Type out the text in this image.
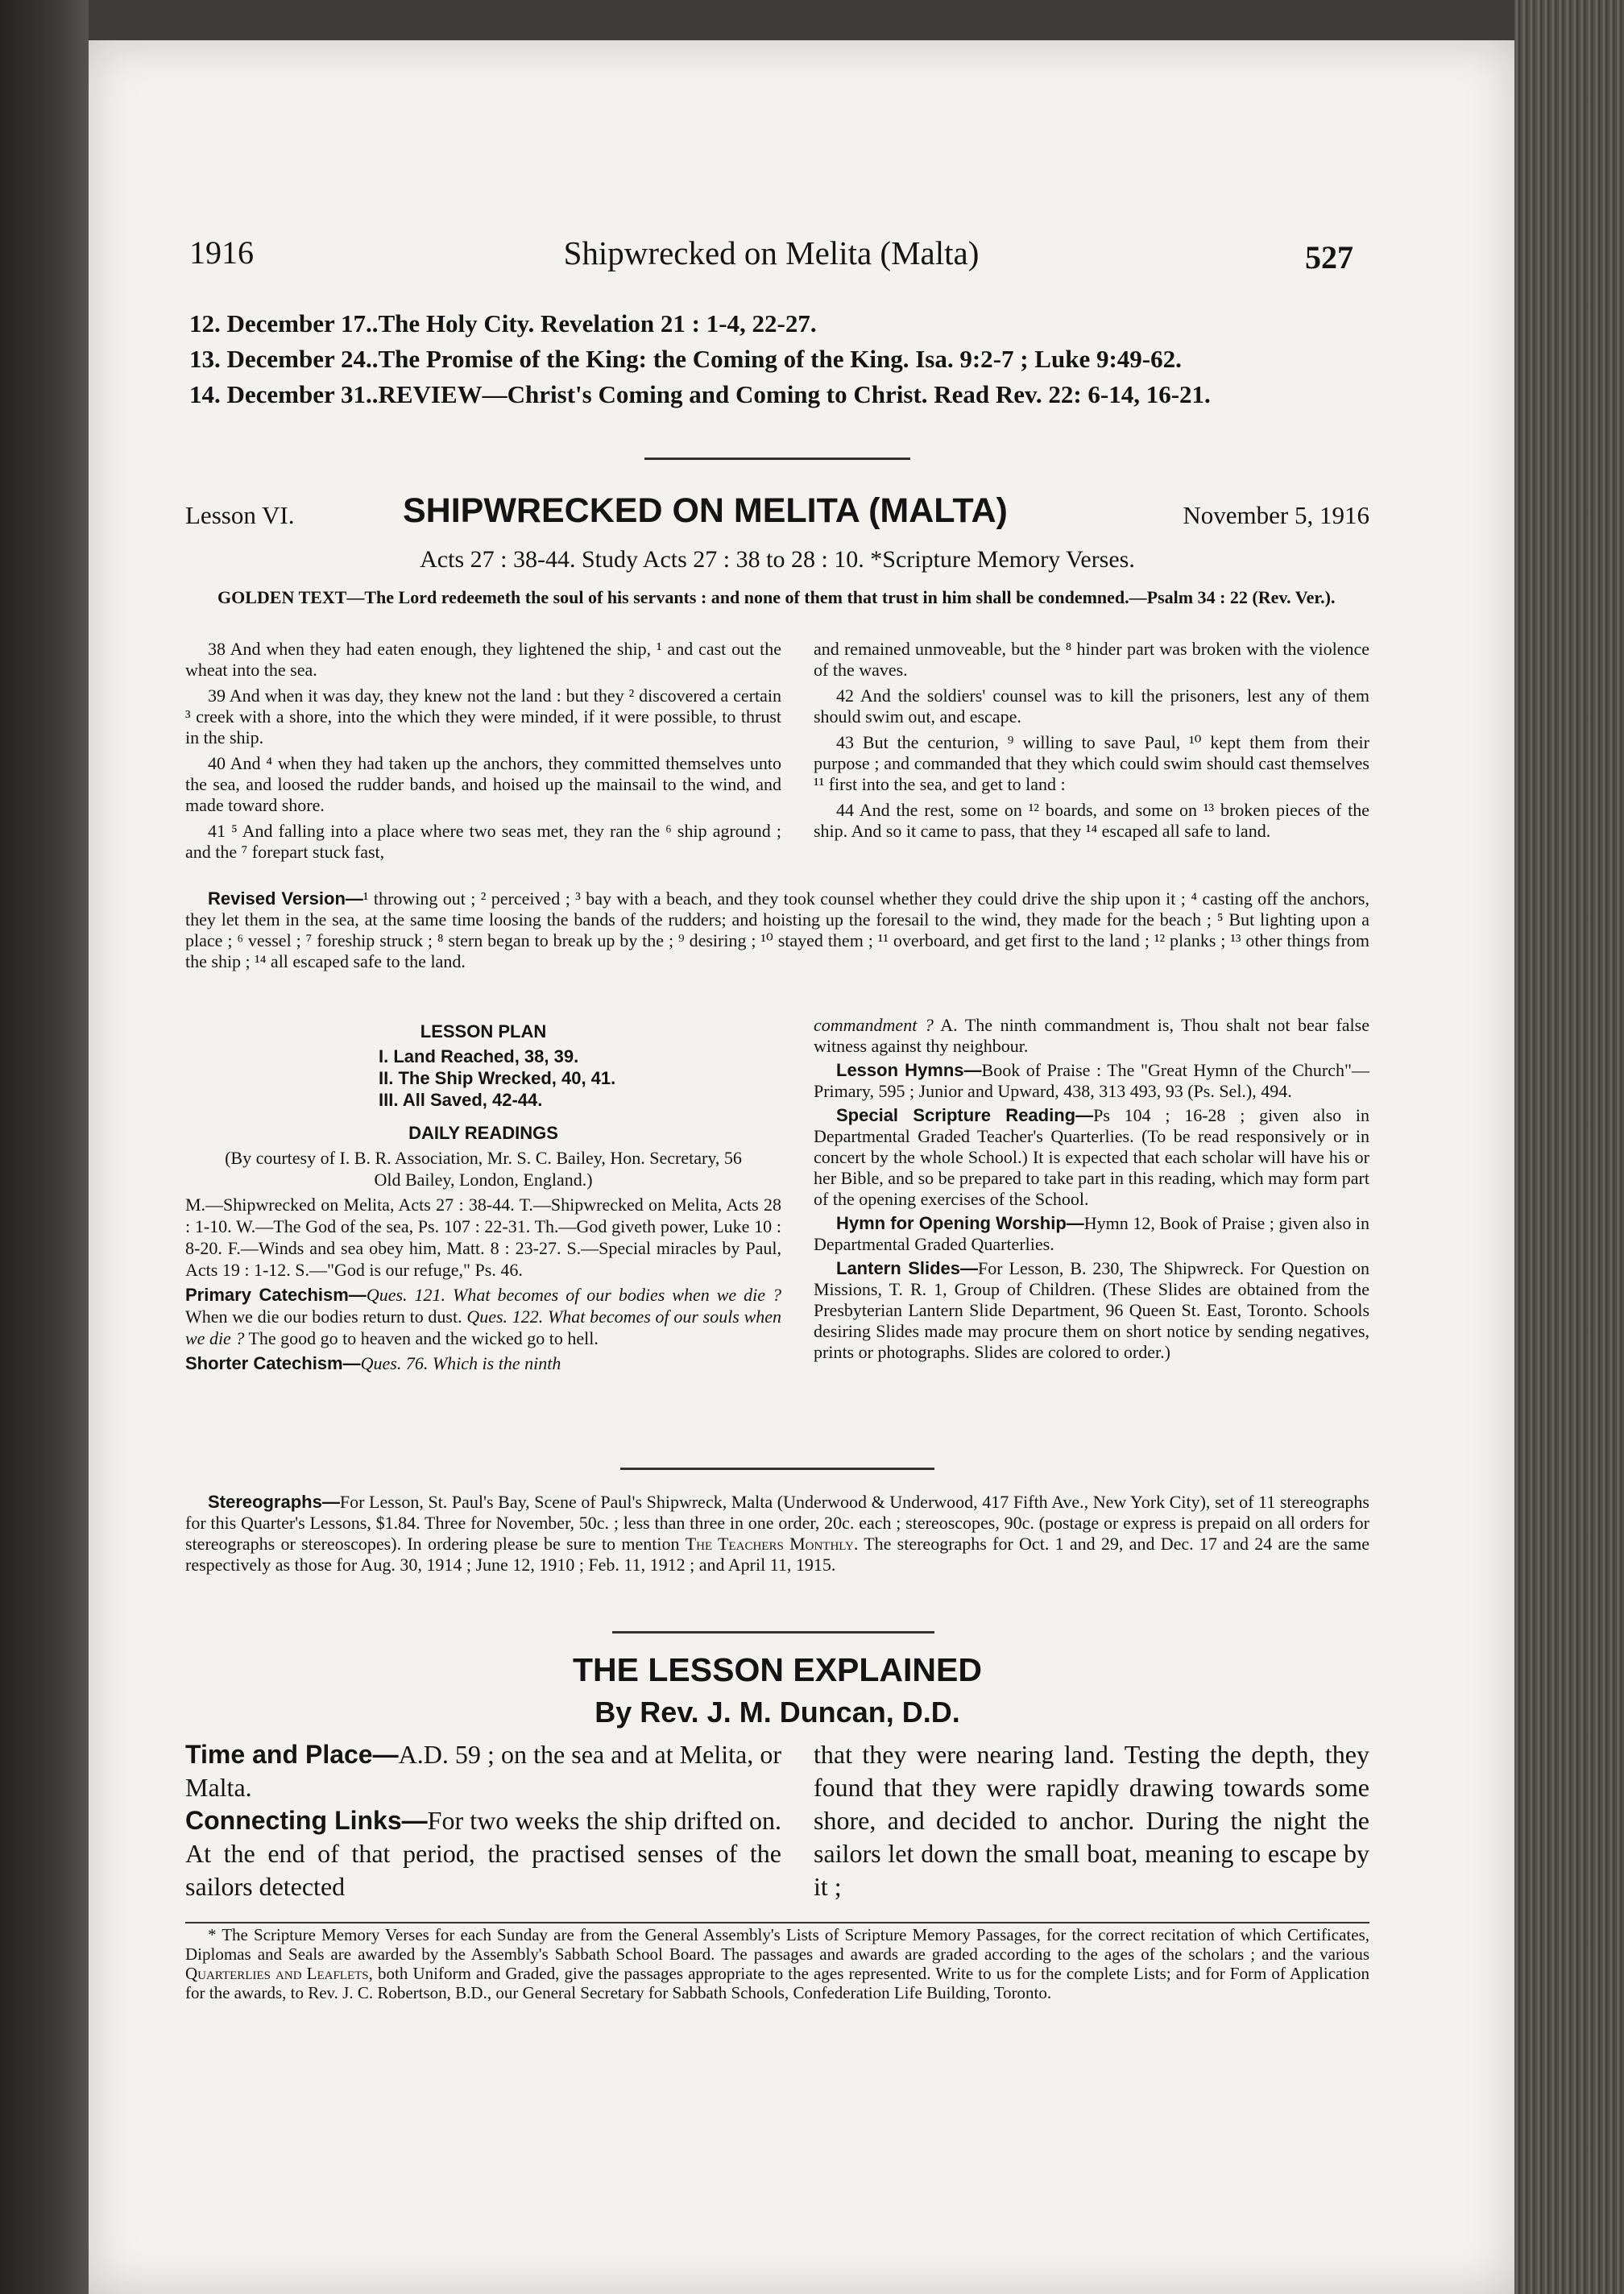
1916	Shipwrecked on Melita (Malta)	527
12. December 17..The Holy City. Revelation 21 : 1-4, 22-27.
13. December 24..The Promise of the King: the Coming of the King. Isa. 9:2-7 ; Luke 9:49-62.
14. December 31..REVIEW—Christ's Coming and Coming to Christ. Read Rev. 22: 6-14, 16-21.
Lesson VI.	SHIPWRECKED ON MELITA (MALTA)	November 5, 1916
Acts 27 : 38-44. Study Acts 27 : 38 to 28 : 10. *Scripture Memory Verses.
GOLDEN TEXT—The Lord redeemeth the soul of his servants : and none of them that trust in him shall be condemned.—Psalm 34 : 22 (Rev. Ver.).

38 And when they had eaten enough, they lightened the ship, ¹ and cast out the wheat into the sea.

39 And when it was day, they knew not the land : but they ² discovered a certain ³ creek with a shore, into the which they were minded, if it were possible, to thrust in the ship.

40 And ⁴ when they had taken up the anchors, they committed themselves unto the sea, and loosed the rudder bands, and hoised up the mainsail to the wind, and made toward shore.

41 ⁵ And falling into a place where two seas met, they ran the ⁶ ship aground ; and the ⁷ forepart stuck fast,

and remained unmoveable, but the ⁸ hinder part was broken with the violence of the waves.

42 And the soldiers' counsel was to kill the prisoners, lest any of them should swim out, and escape.

43 But the centurion, ⁹ willing to save Paul, ¹⁰ kept them from their purpose ; and commanded that they which could swim should cast themselves ¹¹ first into the sea, and get to land :

44 And the rest, some on ¹² boards, and some on ¹³ broken pieces of the ship. And so it came to pass, that they ¹⁴ escaped all safe to land.

Revised Version—¹ throwing out ; ² perceived ; ³ bay with a beach, and they took counsel whether they could drive the ship upon it ; ⁴ casting off the anchors, they let them in the sea, at the same time loosing the bands of the rudders; and hoisting up the foresail to the wind, they made for the beach ; ⁵ But lighting upon a place ; ⁶ vessel ; ⁷ foreship struck ; ⁸ stern began to break up by the ; ⁹ desiring ; ¹⁰ stayed them ; ¹¹ overboard, and get first to the land ; ¹² planks ; ¹³ other things from the ship ; ¹⁴ all escaped safe to the land.
LESSON PLAN
I. Land Reached, 38, 39.
II. The Ship Wrecked, 40, 41.
III. All Saved, 42-44.
DAILY READINGS

(By courtesy of I. B. R. Association, Mr. S. C. Bailey, Hon. Secretary, 56 Old Bailey, London, England.)

M.—Shipwrecked on Melita, Acts 27 : 38-44. T.—Shipwrecked on Melita, Acts 28 : 1-10. W.—The God of the sea, Ps. 107 : 22-31. Th.—God giveth power, Luke 10 : 8-20. F.—Winds and sea obey him, Matt. 8 : 23-27. S.—Special miracles by Paul, Acts 19 : 1-12. S.—"God is our refuge," Ps. 46.

Primary Catechism—Ques. 121. What becomes of our bodies when we die ? When we die our bodies return to dust. Ques. 122. What becomes of our souls when we die ? The good go to heaven and the wicked go to hell.

Shorter Catechism—Ques. 76. Which is the ninth

commandment ? A. The ninth commandment is, Thou shalt not bear false witness against thy neighbour.

Lesson Hymns—Book of Praise : The "Great Hymn of the Church"—Primary, 595 ; Junior and Upward, 438, 313 493, 93 (Ps. Sel.), 494.

Special Scripture Reading—Ps 104 ; 16-28 ; given also in Departmental Graded Teacher's Quarterlies. (To be read responsively or in concert by the whole School.) It is expected that each scholar will have his or her Bible, and so be prepared to take part in this reading, which may form part of the opening exercises of the School.

Hymn for Opening Worship—Hymn 12, Book of Praise ; given also in Departmental Graded Quarterlies.

Lantern Slides—For Lesson, B. 230, The Shipwreck. For Question on Missions, T. R. 1, Group of Children. (These Slides are obtained from the Presbyterian Lantern Slide Department, 96 Queen St. East, Toronto. Schools desiring Slides made may procure them on short notice by sending negatives, prints or photographs. Slides are colored to order.)

Stereographs—For Lesson, St. Paul's Bay, Scene of Paul's Shipwreck, Malta (Underwood & Underwood, 417 Fifth Ave., New York City), set of 11 stereographs for this Quarter's Lessons, $1.84. Three for November, 50c. ; less than three in one order, 20c. each ; stereoscopes, 90c. (postage or express is prepaid on all orders for stereographs or stereoscopes). In ordering please be sure to mention The Teachers Monthly. The stereographs for Oct. 1 and 29, and Dec. 17 and 24 are the same respectively as those for Aug. 30, 1914 ; June 12, 1910 ; Feb. 11, 1912 ; and April 11, 1915.
THE LESSON EXPLAINED
By Rev. J. M. Duncan, D.D.

Time and Place—A.D. 59 ; on the sea and at Melita, or Malta.

Connecting Links—For two weeks the ship drifted on. At the end of that period, the practised senses of the sailors detected

that they were nearing land. Testing the depth, they found that they were rapidly drawing towards some shore, and decided to anchor. During the night the sailors let down the small boat, meaning to escape by it ;
* The Scripture Memory Verses for each Sunday are from the General Assembly's Lists of Scripture Memory Passages, for the correct recitation of which Certificates, Diplomas and Seals are awarded by the Assembly's Sabbath School Board. The passages and awards are graded according to the ages of the scholars ; and the various Quarterlies and Leaflets, both Uniform and Graded, give the passages appropriate to the ages represented. Write to us for the complete Lists; and for Form of Application for the awards, to Rev. J. C. Robertson, B.D., our General Secretary for Sabbath Schools, Confederation Life Building, Toronto.
